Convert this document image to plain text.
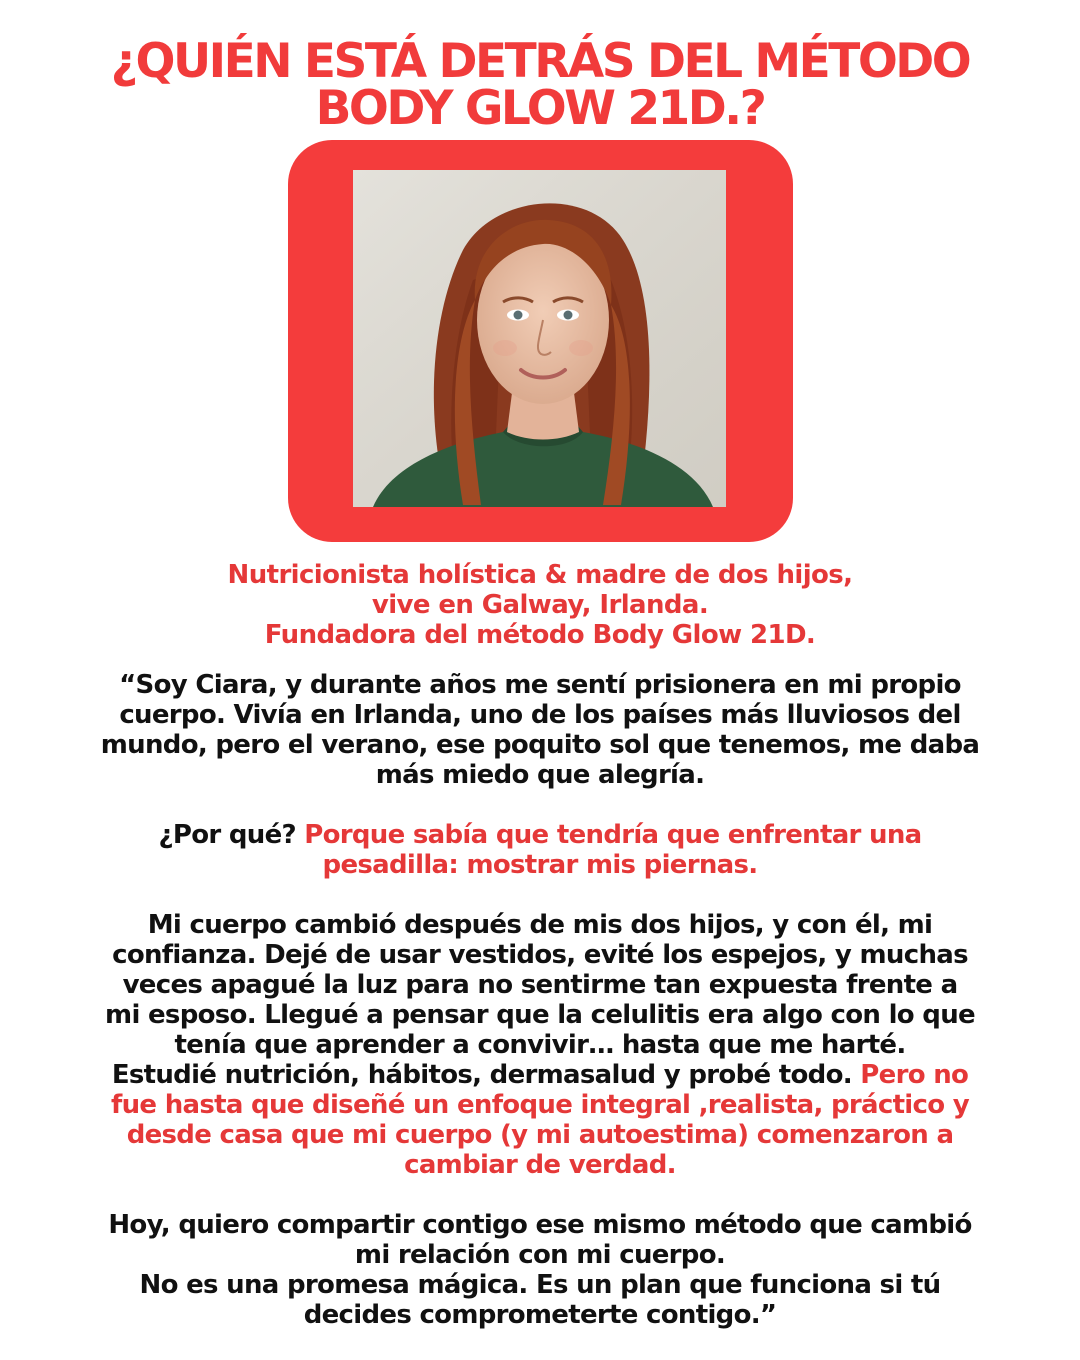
¿QUIÉN ESTÁ DETRÁS DEL MÉTODO
BODY GLOW 21D.?
Nutricionista holística & madre de dos hijos,
vive en Galway, Irlanda.
Fundadora del método Body Glow 21D.

“Soy Ciara, y durante años me sentí prisionera en mi propio
cuerpo. Vivía en Irlanda, uno de los países más lluviosos del
mundo, pero el verano, ese poquito sol que tenemos, me daba
más miedo que alegría.

¿Por qué? Porque sabía que tendría que enfrentar una
pesadilla: mostrar mis piernas.

Mi cuerpo cambió después de mis dos hijos, y con él, mi
confianza. Dejé de usar vestidos, evité los espejos, y muchas
veces apagué la luz para no sentirme tan expuesta frente a
mi esposo. Llegué a pensar que la celulitis era algo con lo que
tenía que aprender a convivir… hasta que me harté.
Estudié nutrición, hábitos, dermasalud y probé todo. Pero no
fue hasta que diseñé un enfoque integral ,realista, práctico y
desde casa que mi cuerpo (y mi autoestima) comenzaron a
cambiar de verdad.

Hoy, quiero compartir contigo ese mismo método que cambió
mi relación con mi cuerpo.
No es una promesa mágica. Es un plan que funciona si tú
decides comprometerte contigo.”
